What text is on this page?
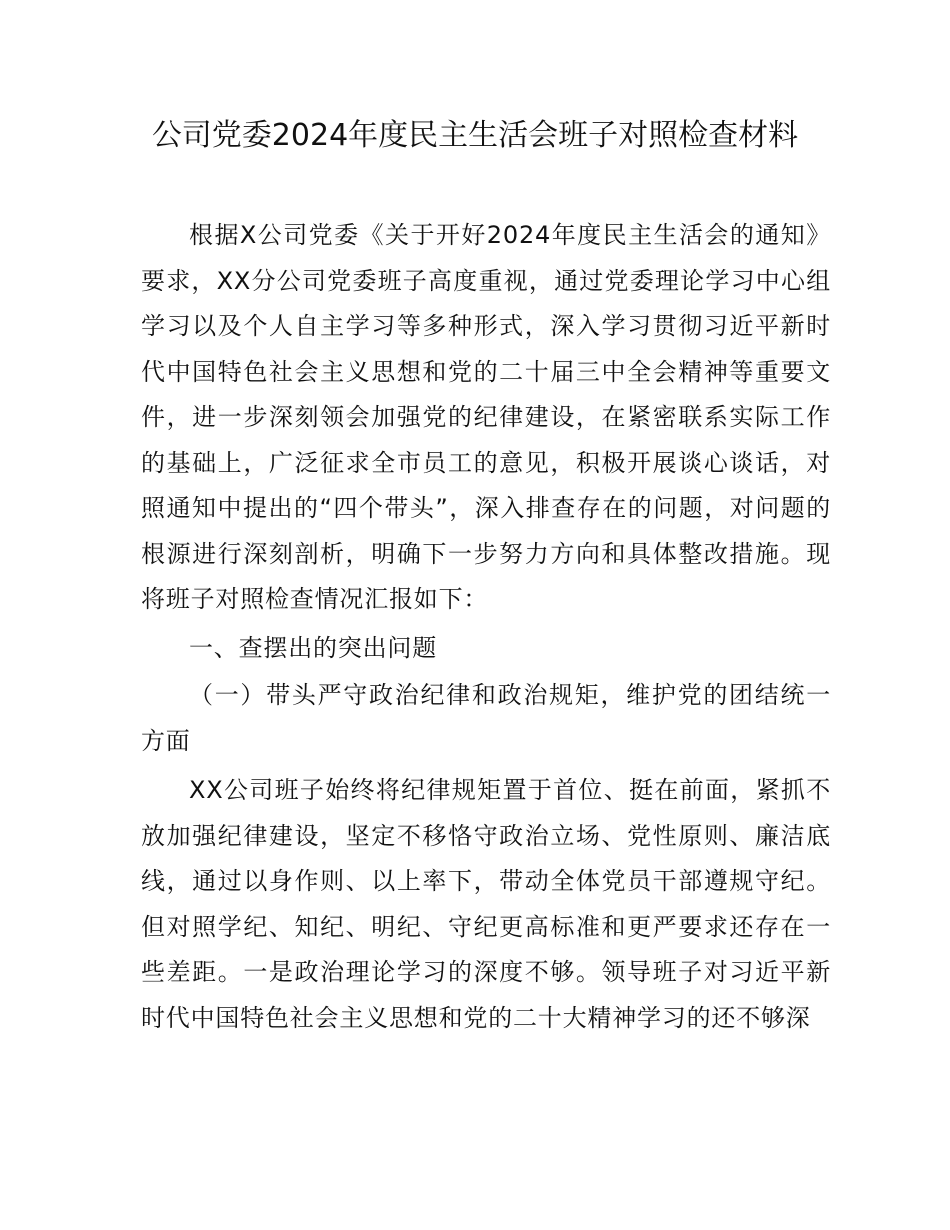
公司党委2024年度民主生活会班子对照检查材料

根据X公司党委《关于开好2024年度民主生活会的通知》要求，XX分公司党委班子高度重视，通过党委理论学习中心组学习以及个人自主学习等多种形式，深入学习贯彻习近平新时代中国特色社会主义思想和党的二十届三中全会精神等重要文件，进一步深刻领会加强党的纪律建设，在紧密联系实际工作的基础上，广泛征求全市员工的意见，积极开展谈心谈话，对照通知中提出的“四个带头”，深入排查存在的问题，对问题的根源进行深刻剖析，明确下一步努力方向和具体整改措施。现将班子对照检查情况汇报如下：

一、查摆出的突出问题

（一）带头严守政治纪律和政治规矩，维护党的团结统一方面

XX公司班子始终将纪律规矩置于首位、挺在前面，紧抓不放加强纪律建设，坚定不移恪守政治立场、党性原则、廉洁底线，通过以身作则、以上率下，带动全体党员干部遵规守纪。但对照学纪、知纪、明纪、守纪更高标准和更严要求还存在一些差距。一是政治理论学习的深度不够。领导班子对习近平新时代中国特色社会主义思想和党的二十大精神学习的还不够深
